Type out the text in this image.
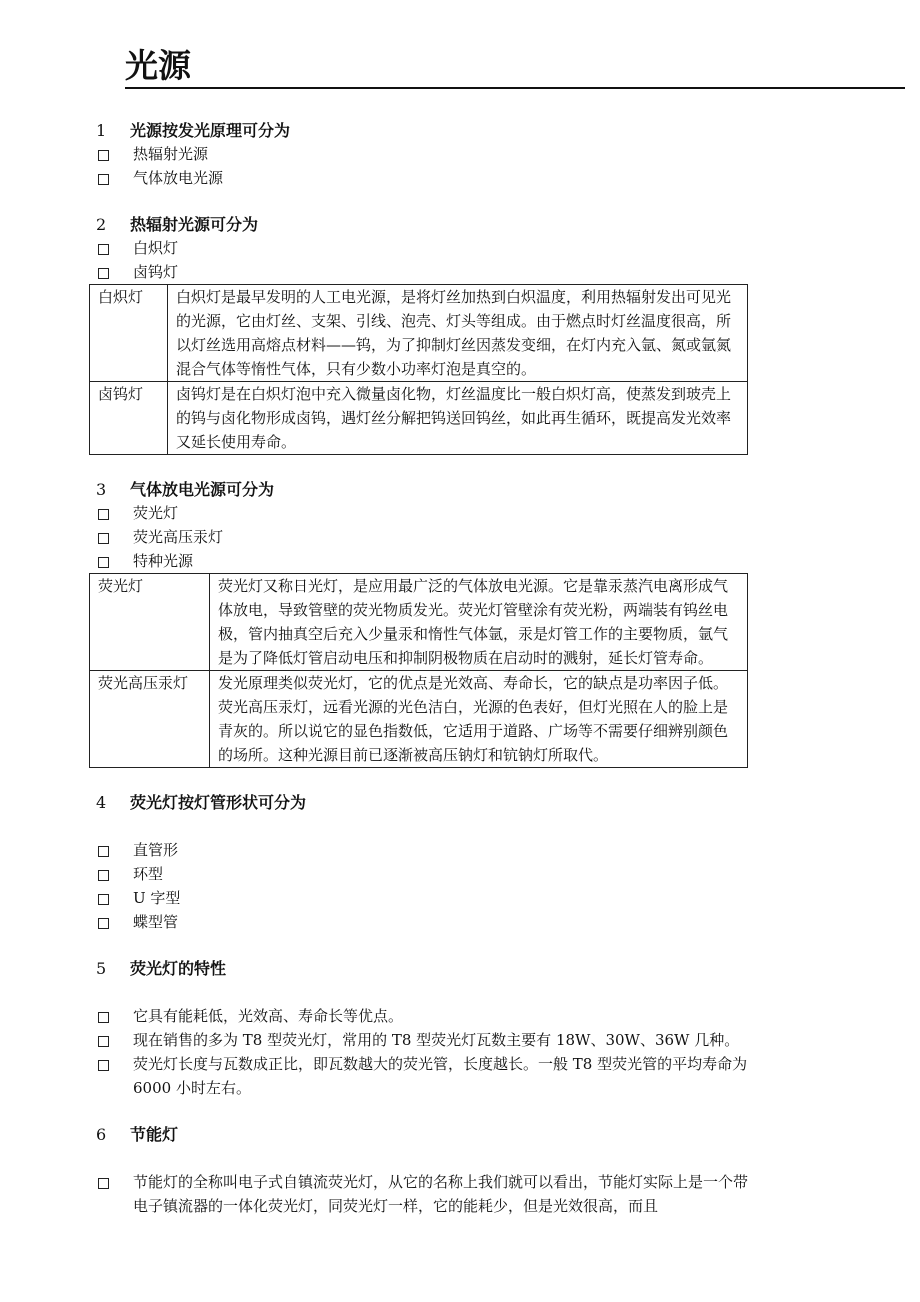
光源
1	光源按发光原理可分为
热辐射光源
气体放电光源
2	热辐射光源可分为
白炽灯
卤钨灯
白炽灯	白炽灯是最早发明的人工电光源，是将灯丝加热到白炽温度，利用热辐射发出可见光的光源，它由灯丝、支架、引线、泡壳、灯头等组成。由于燃点时灯丝温度很高，所以灯丝选用高熔点材料——钨，为了抑制灯丝因蒸发变细，在灯内充入氩、氮或氩氮混合气体等惰性气体，只有少数小功率灯泡是真空的。
卤钨灯	卤钨灯是在白炽灯泡中充入微量卤化物，灯丝温度比一般白炽灯高，使蒸发到玻壳上的钨与卤化物形成卤钨，遇灯丝分解把钨送回钨丝，如此再生循环，既提高发光效率又延长使用寿命。
3	气体放电光源可分为
荧光灯
荧光高压汞灯
特种光源
荧光灯	荧光灯又称日光灯，是应用最广泛的气体放电光源。它是靠汞蒸汽电离形成气体放电，导致管壁的荧光物质发光。荧光灯管壁涂有荧光粉，两端装有钨丝电极，管内抽真空后充入少量汞和惰性气体氩，汞是灯管工作的主要物质，氩气是为了降低灯管启动电压和抑制阴极物质在启动时的溅射，延长灯管寿命。
荧光高压汞灯	发光原理类似荧光灯，它的优点是光效高、寿命长，它的缺点是功率因子低。荧光高压汞灯，远看光源的光色洁白，光源的色表好，但灯光照在人的脸上是青灰的。所以说它的显色指数低，它适用于道路、广场等不需要仔细辨别颜色的场所。这种光源目前已逐渐被高压钠灯和钪钠灯所取代。
4	荧光灯按灯管形状可分为
直管形
环型
U 字型
蝶型管
5	荧光灯的特性
它具有能耗低，光效高、寿命长等优点。
现在销售的多为 T8 型荧光灯，常用的 T8 型荧光灯瓦数主要有 18W、30W、36W 几种。
荧光灯长度与瓦数成正比，即瓦数越大的荧光管，长度越长。一般 T8 型荧光管的平均寿命为 6000 小时左右。
6	节能灯
节能灯的全称叫电子式自镇流荧光灯，从它的名称上我们就可以看出，节能灯实际上是一个带电子镇流器的一体化荧光灯，同荧光灯一样，它的能耗少，但是光效很高，而且
